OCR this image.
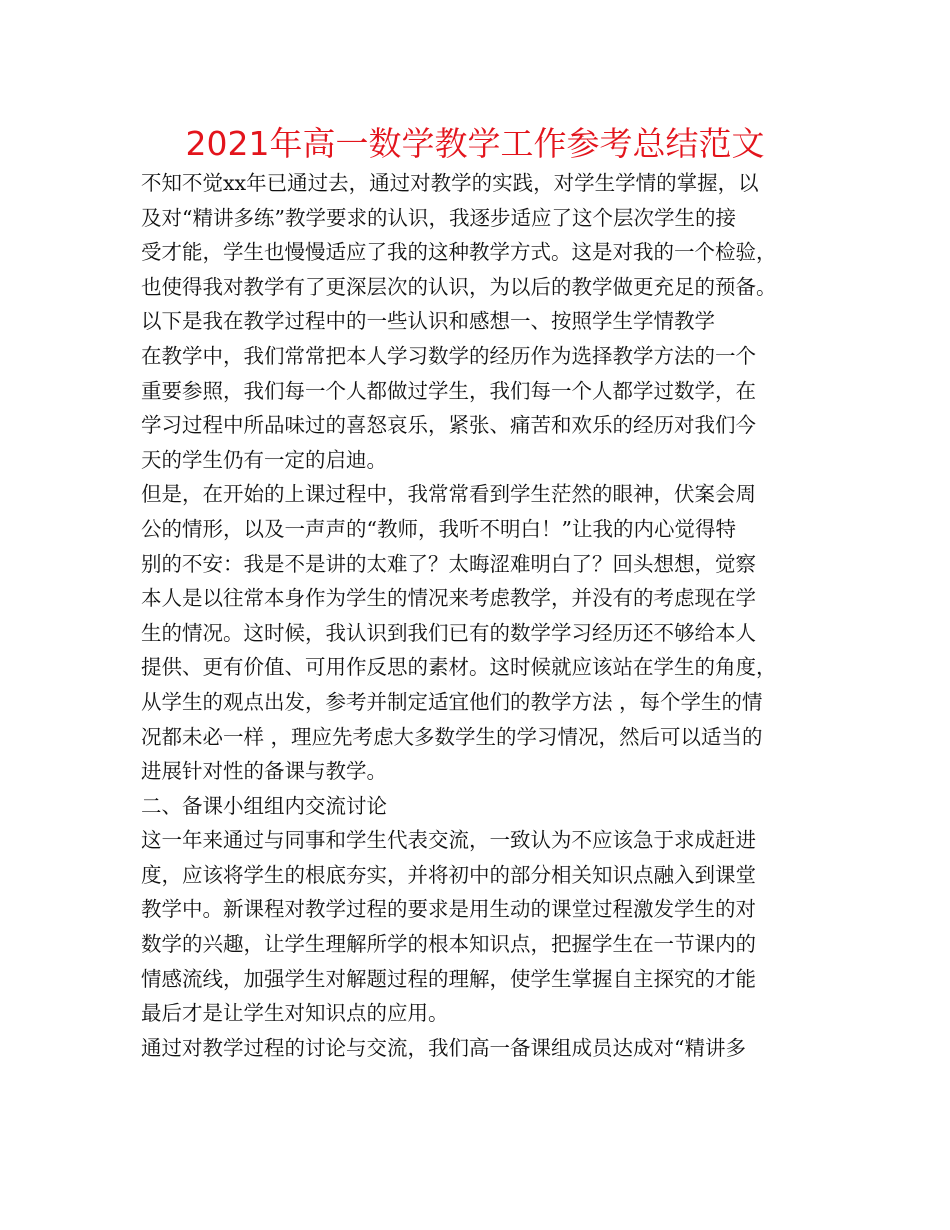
2021年高一数学教学工作参考总结范文
不知不觉xx年已通过去，通过对教学的实践，对学生学情的掌握，以
及对“精讲多练”教学要求的认识，我逐步适应了这个层次学生的接
受才能，学生也慢慢适应了我的这种教学方式。这是对我的一个检验，
也使得我对教学有了更深层次的认识，为以后的教学做更充足的预备。
以下是我在教学过程中的一些认识和感想一、按照学生学情教学
在教学中，我们常常把本人学习数学的经历作为选择教学方法的一个
重要参照，我们每一个人都做过学生，我们每一个人都学过数学，在
学习过程中所品味过的喜怒哀乐，紧张、痛苦和欢乐的经历对我们今
天的学生仍有一定的启迪。
但是，在开始的上课过程中，我常常看到学生茫然的眼神，伏案会周
公的情形，以及一声声的“教师，我听不明白！”让我的内心觉得特
别的不安：我是不是讲的太难了？太晦涩难明白了？回头想想，觉察
本人是以往常本身作为学生的情况来考虑教学，并没有的考虑现在学
生的情况。这时候，我认识到我们已有的数学学习经历还不够给本人
提供、更有价值、可用作反思的素材。这时候就应该站在学生的角度，
从学生的观点出发，参考并制定适宜他们的教学方法 ，每个学生的情
况都未必一样 ，理应先考虑大多数学生的学习情况，然后可以适当的
进展针对性的备课与教学。
二、备课小组组内交流讨论
这一年来通过与同事和学生代表交流，一致认为不应该急于求成赶进
度，应该将学生的根底夯实，并将初中的部分相关知识点融入到课堂
教学中。新课程对教学过程的要求是用生动的课堂过程激发学生的对
数学的兴趣，让学生理解所学的根本知识点，把握学生在一节课内的
情感流线，加强学生对解题过程的理解，使学生掌握自主探究的才能
最后才是让学生对知识点的应用。
通过对教学过程的讨论与交流，我们高一备课组成员达成对“精讲多
